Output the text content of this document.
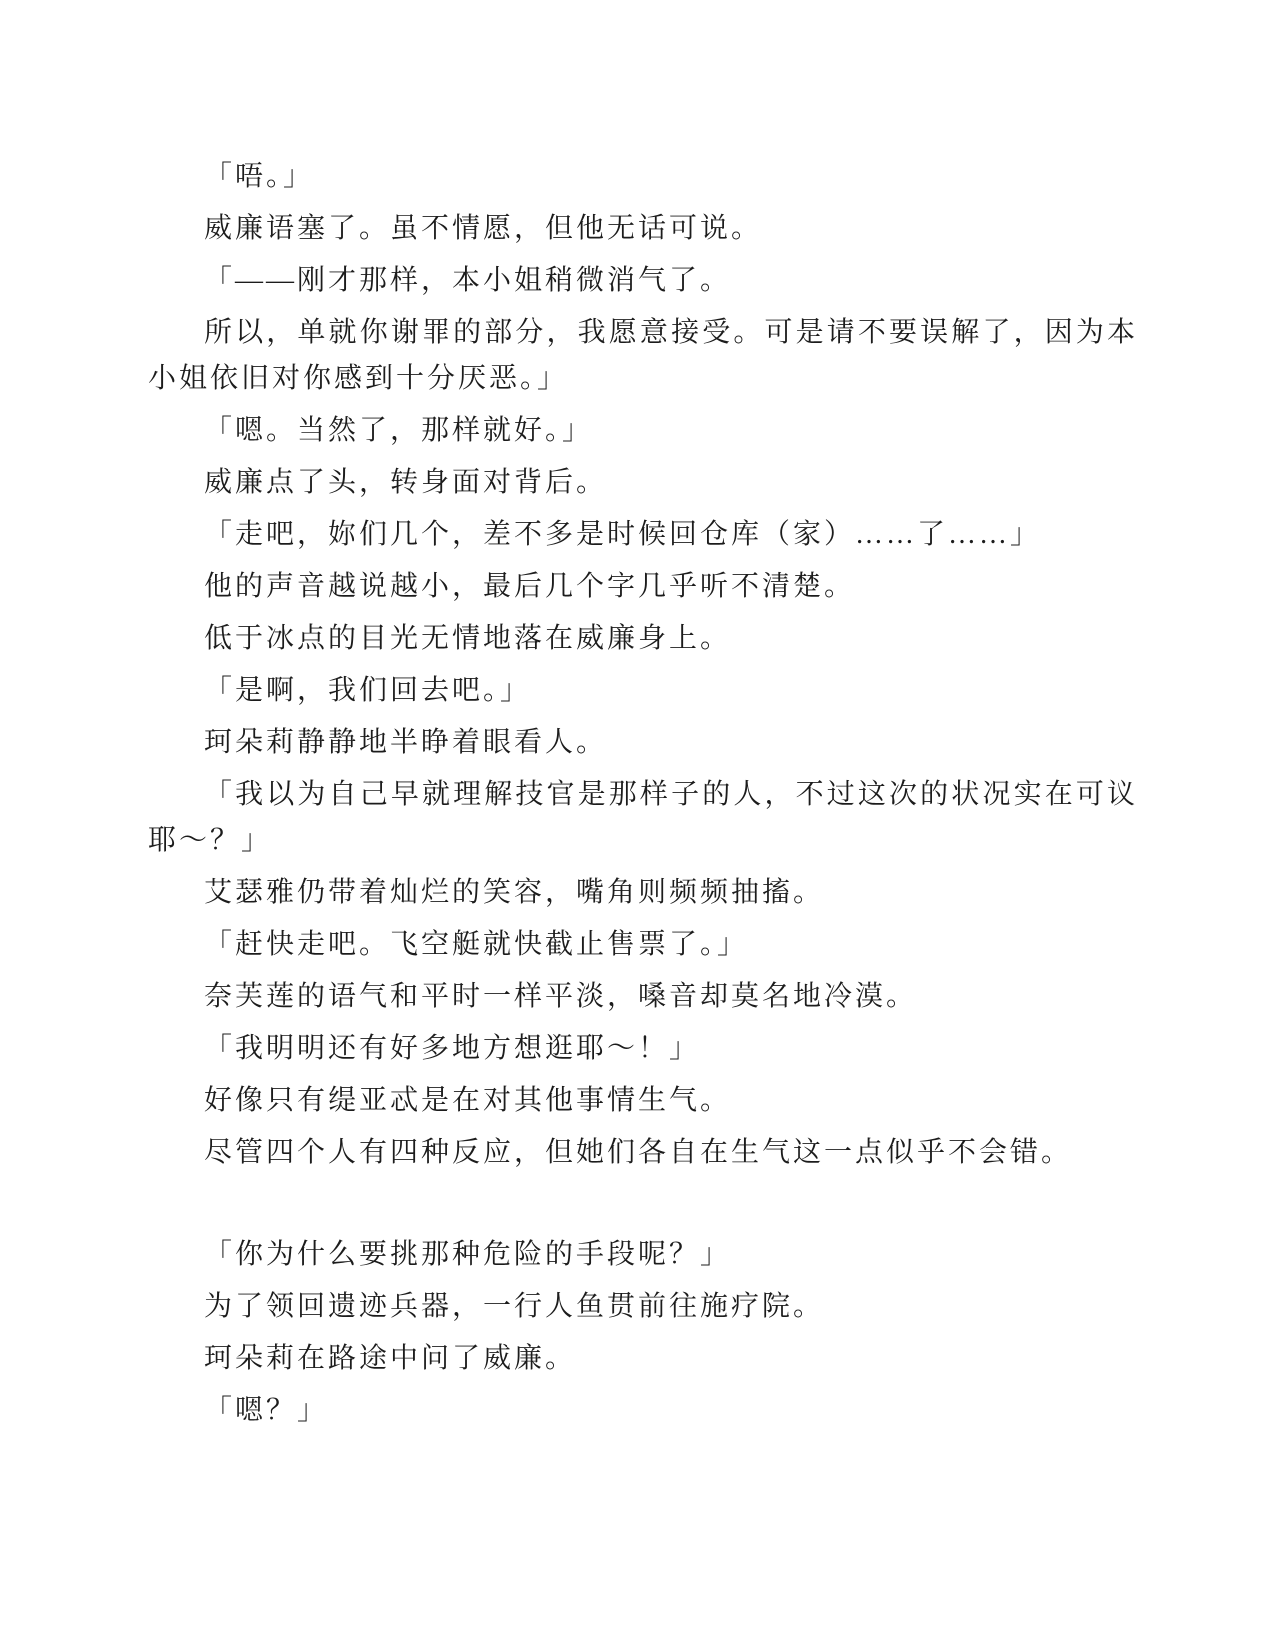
「唔。」

威廉语塞了。虽不情愿，但他无话可说。

「——刚才那样，本小姐稍微消气了。

所以，单就你谢罪的部分，我愿意接受。可是请不要误解了，因为本小姐依旧对你感到十分厌恶。」

「嗯。当然了，那样就好。」

威廉点了头，转身面对背后。

「走吧，妳们几个，差不多是时候回仓库（家）……了……」

他的声音越说越小，最后几个字几乎听不清楚。

低于冰点的目光无情地落在威廉身上。

「是啊，我们回去吧。」

珂朵莉静静地半睁着眼看人。

「我以为自己早就理解技官是那样子的人，不过这次的状况实在可议耶～？」

艾瑟雅仍带着灿烂的笑容，嘴角则频频抽搐。

「赶快走吧。飞空艇就快截止售票了。」

奈芙莲的语气和平时一样平淡，嗓音却莫名地冷漠。

「我明明还有好多地方想逛耶～！」

好像只有缇亚忒是在对其他事情生气。

尽管四个人有四种反应，但她们各自在生气这一点似乎不会错。

「你为什么要挑那种危险的手段呢？」

为了领回遗迹兵器，一行人鱼贯前往施疗院。

珂朵莉在路途中问了威廉。

「嗯？」
